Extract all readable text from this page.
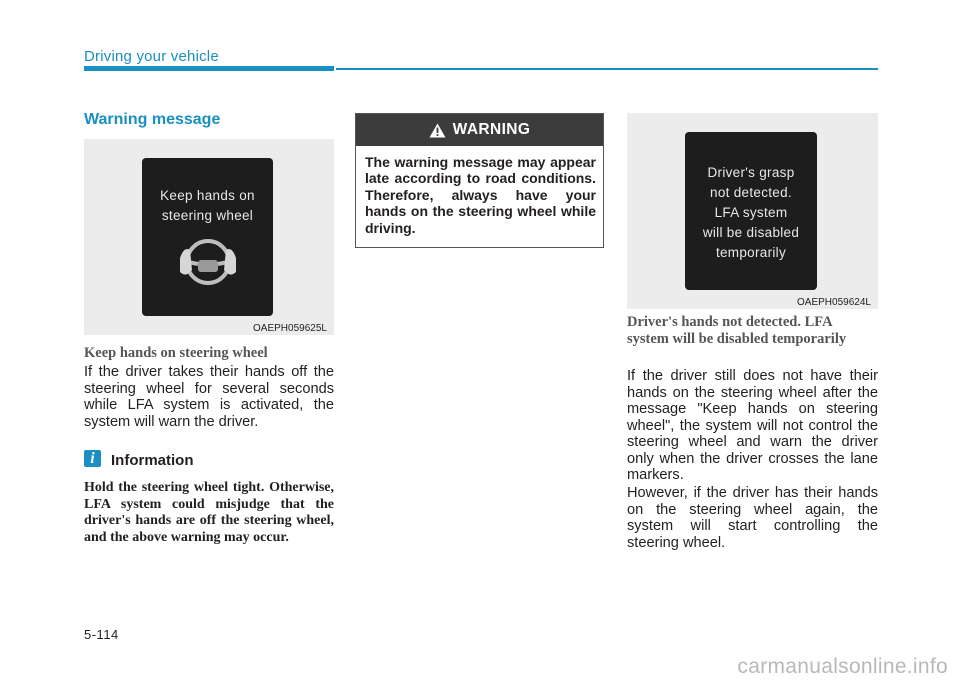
Driving your vehicle
Warning message
Keep hands on
steering wheel
OAEPH059625L
Keep hands on steering wheel
If the driver takes their hands off the steering wheel for several seconds while LFA system is activated, the system will warn the driver.
i	Information
Hold the steering wheel tight. Otherwise, LFA system could misjudge that the driver's hands are off the steering wheel, and the above warning may occur.
WARNING
The warning message may appear late according to road conditions. Therefore, always have your hands on the steering wheel while driving.
Driver's grasp
not detected.
LFA system
will be disabled
temporarily
OAEPH059624L
Driver's hands not detected. LFA system will be disabled temporarily
If the driver still does not have their hands on the steering wheel after the message "Keep hands on steering wheel", the system will not control the steering wheel and warn the driver only when the driver crosses the lane markers.
However, if the driver has their hands on the steering wheel again, the system will start controlling the steering wheel.
5-114
carmanualsonline.info
